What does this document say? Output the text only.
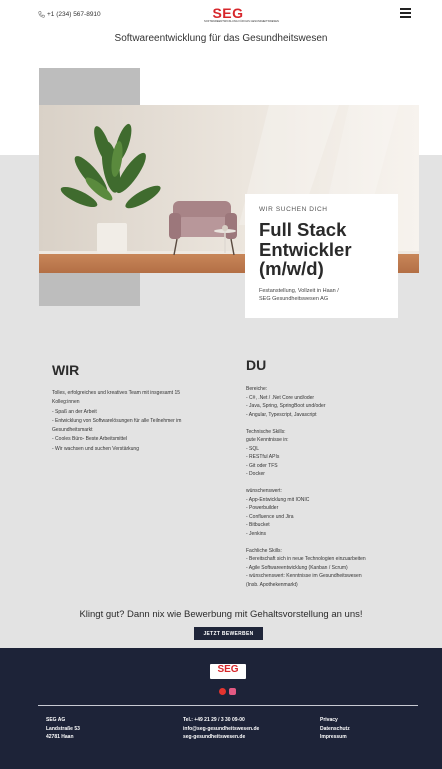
+1 (234) 567-8910	SEG
SOFTWAREENTWICKLUNG FÜR DAS GESUNDHEITSWESEN
Softwareentwicklung für das Gesundheitswesen
WIR SUCHEN DICH
Full Stack
Entwickler
(m/w/d)
Festanstellung, Vollzeit in Haan /
SEG Gesundheitswesen AG
WIR
Tolles, erfolgreiches und kreatives Team mit insgesamt 15
Kolleg:innen
- Spaß an der Arbeit
- Entwicklung von Softwarelösungen für alle Teilnehmer im
Gesundheitsmarkt
- Cooles Büro- Beste Arbeitsmittel
- Wir wachsen und suchen Verstärkung
DU
Bereiche:
- C#, .Net / .Net Core und/oder
- Java, Spring, SpringBoot und/oder
- Angular, Typescript, Javascript
Technische Skills:
gute Kenntnisse in:
- SQL
- RESTful APIs
- Git oder TFS
- Docker
wünschenswert:
- App-Entwicklung mit IONIC
- Powerbuilder
- Confluence und Jira
- Bitbucket
- Jenkins
Fachliche Skills:
- Bereitschaft sich in neue Technologien einzuarbeiten
- Agile Softwareentwicklung (Kanban / Scrum)
- wünschenswert: Kenntnisse im Gesundheitswesen
(Insb. Apothekenmarkt)
Klingt gut? Dann nix wie Bewerbung mit Gehaltsvorstellung an uns!
JETZT BEWERBEN
SEG
SEG AG
Landstraße 53
42781 Haan
Tel.: +49 21 29 / 3 30 09-00
info@seg-gesundheitswesen.de
seg-gesundheitswesen.de
Privacy
Datenschutz
Impressum
